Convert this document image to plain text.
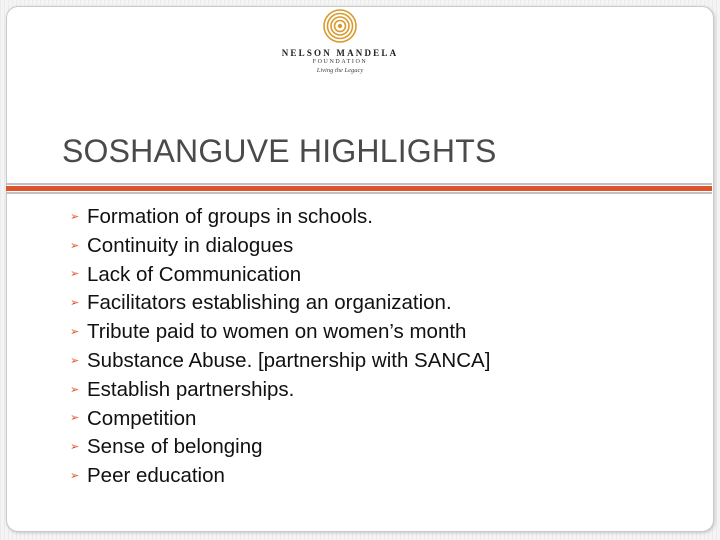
NELSON MANDELA
FOUNDATION
Living the Legacy
SOSHANGUVE HIGHLIGHTS
➢ Formation of groups in schools.
➢ Continuity in dialogues
➢ Lack of Communication
➢ Facilitators establishing an organization.
➢ Tribute paid to women on women’s month
➢ Substance Abuse. [partnership with SANCA]
➢ Establish partnerships.
➢ Competition
➢ Sense of belonging
➢ Peer education
